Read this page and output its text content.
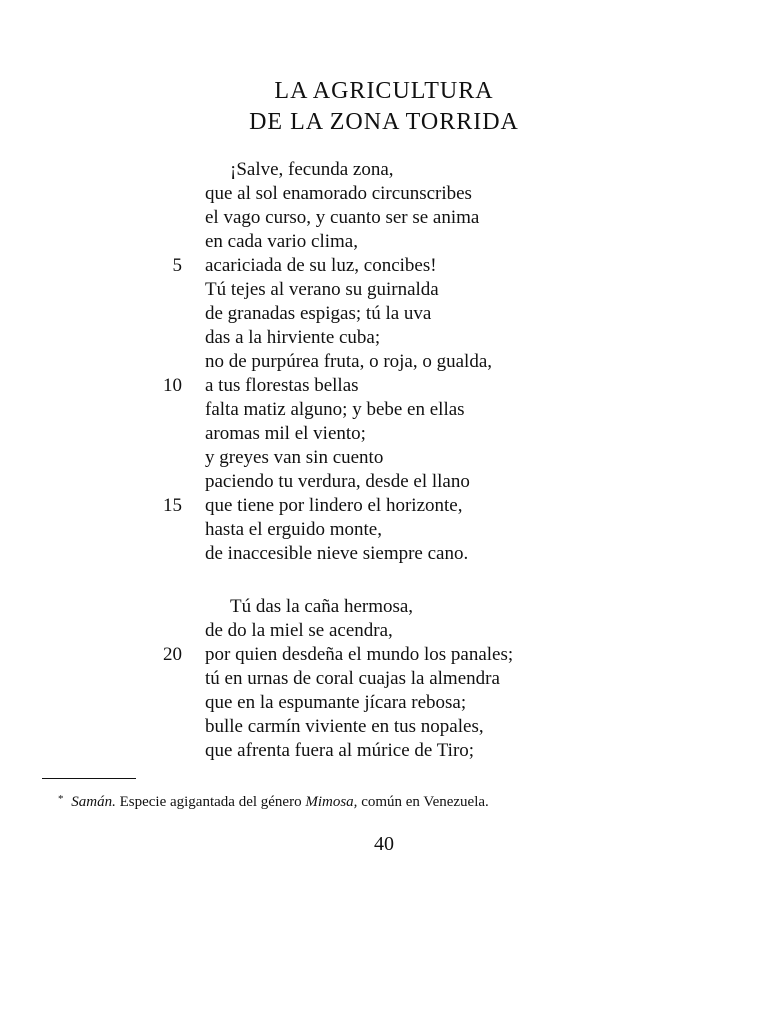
LA AGRICULTURA
DE LA ZONA TORRIDA
¡Salve, fecunda zona,
que al sol enamorado circunscribes
el vago curso, y cuanto ser se anima
en cada vario clima,
5 acariciada de su luz, concibes!
Tú tejes al verano su guirnalda
de granadas espigas; tú la uva
das a la hirviente cuba;
no de purpúrea fruta, o roja, o gualda,
10 a tus florestas bellas
falta matiz alguno; y bebe en ellas
aromas mil el viento;
y greyes van sin cuento
paciendo tu verdura, desde el llano
15 que tiene por lindero el horizonte,
hasta el erguido monte,
de inaccesible nieve siempre cano.
Tú das la caña hermosa,
de do la miel se acendra,
20 por quien desdeña el mundo los panales;
tú en urnas de coral cuajas la almendra
que en la espumante jícara rebosa;
bulle carmín viviente en tus nopales,
que afrenta fuera al múrice de Tiro;
* Samán. Especie agigantada del género Mimosa, común en Venezuela.
40
